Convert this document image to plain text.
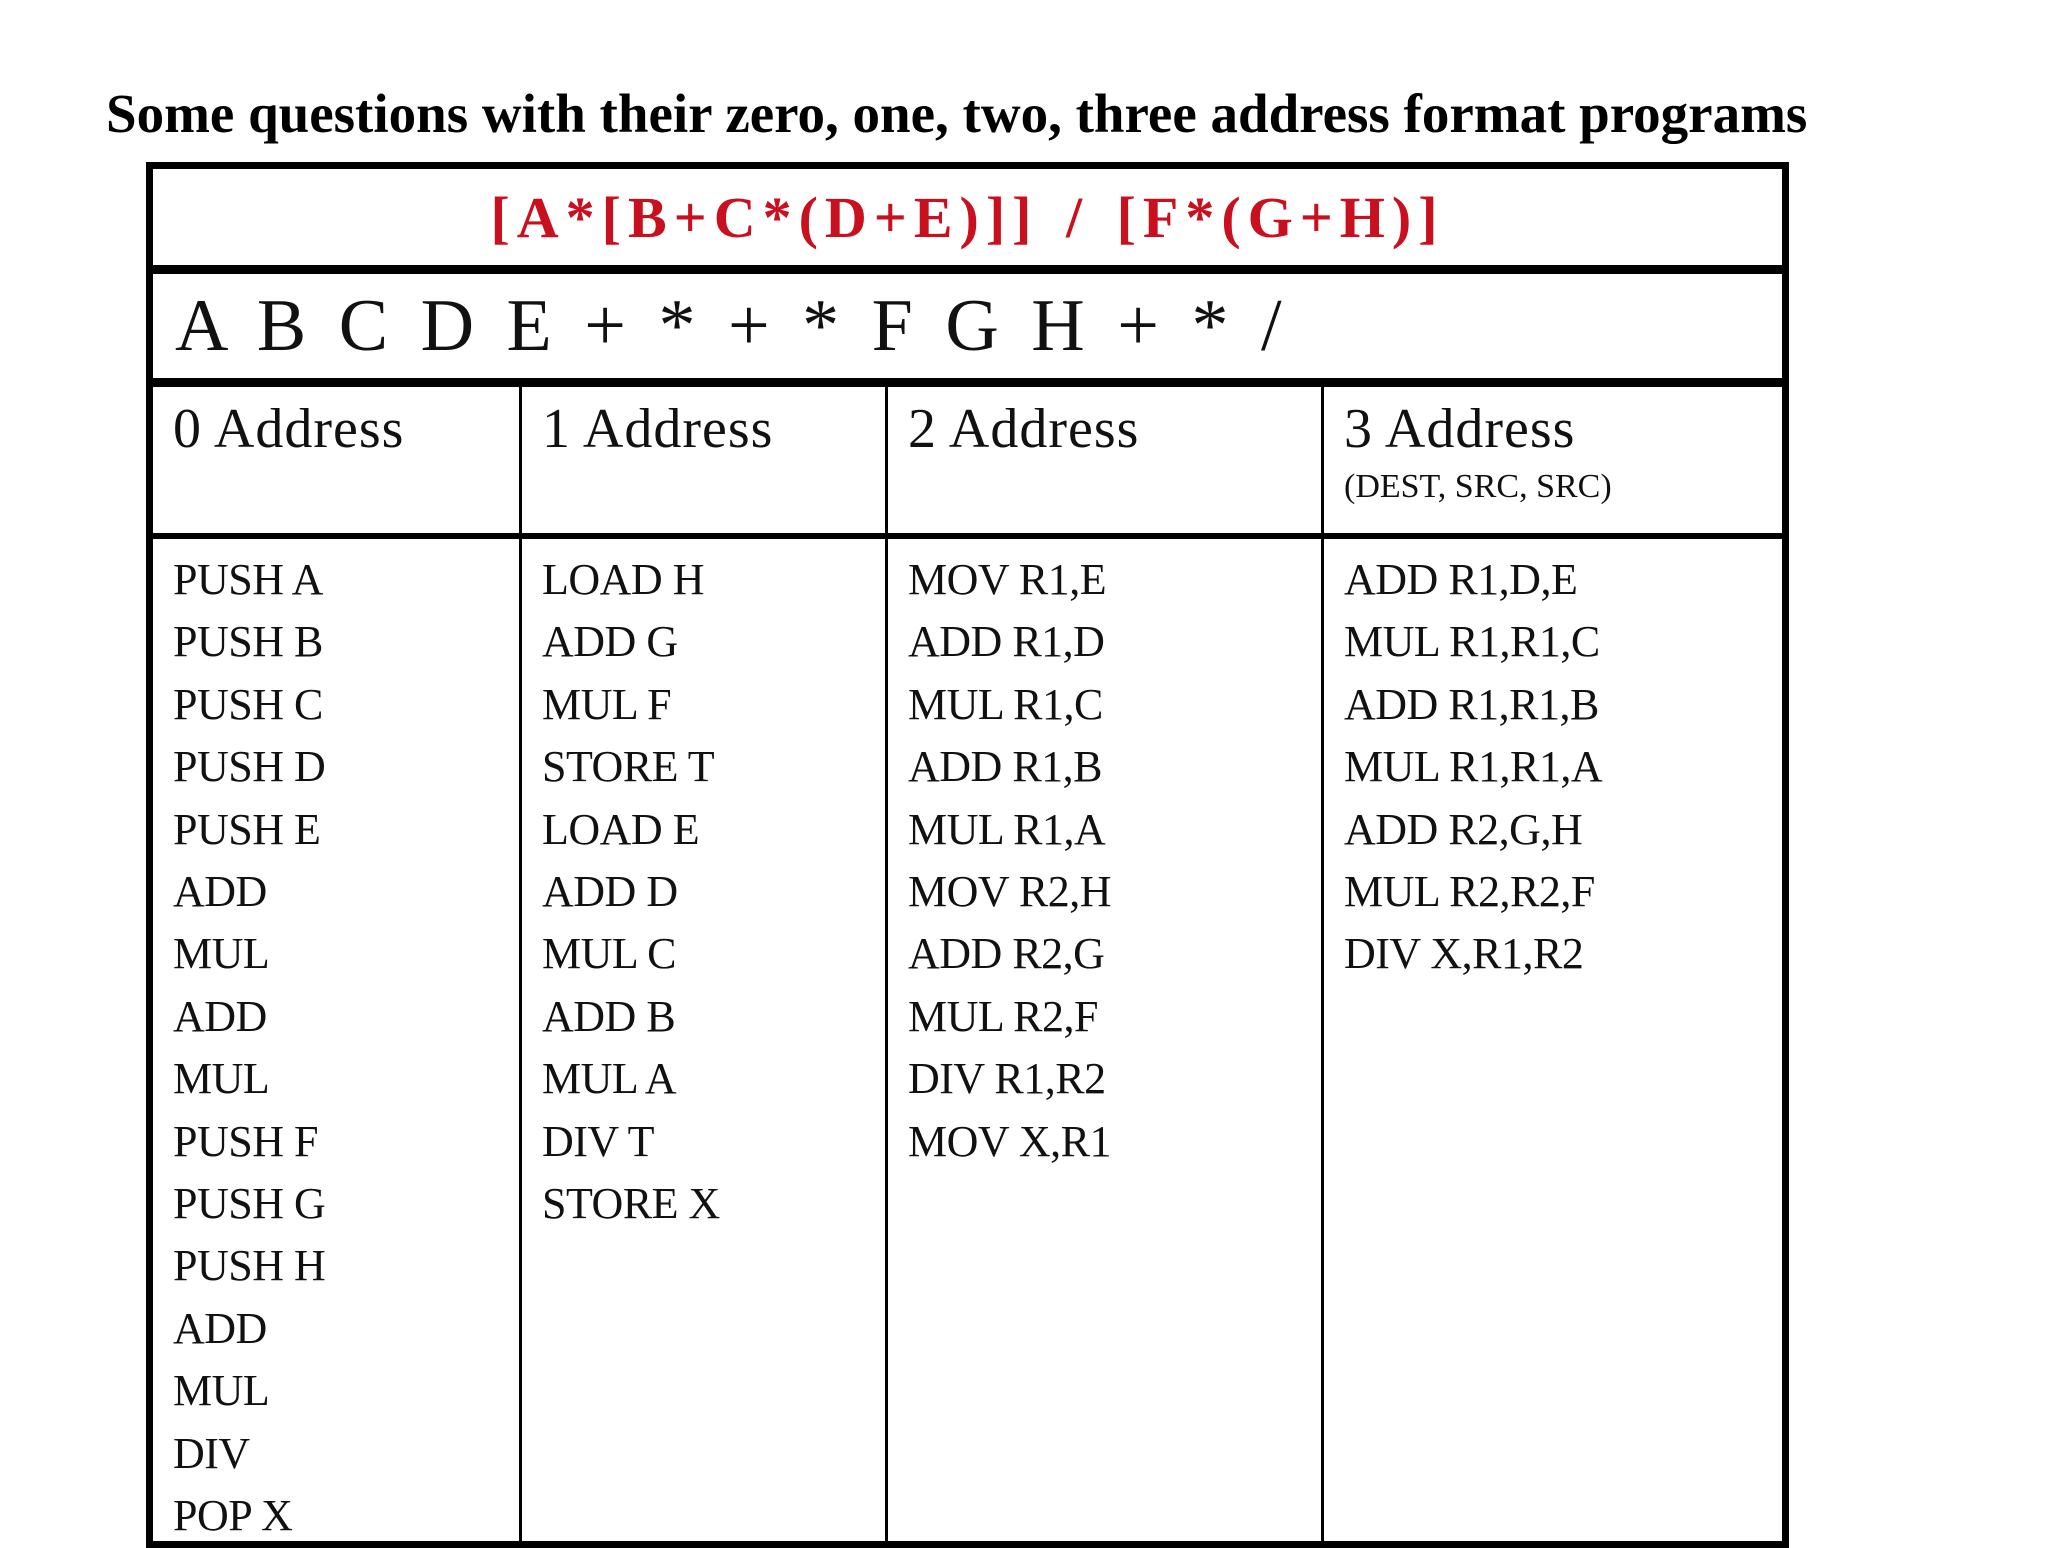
Some questions with their zero, one, two, three address format programs
[A*[B+C*(D+E)]] / [F*(G+H)]
A B C D E + * + * F G H + * /
0 Address
PUSH A
PUSH B
PUSH C
PUSH D
PUSH E
ADD
MUL
ADD
MUL
PUSH F
PUSH G
PUSH H
ADD
MUL
DIV
POP X
1 Address
LOAD H
ADD G
MUL F
STORE T
LOAD E
ADD D
MUL C
ADD B
MUL A
DIV T
STORE X
2 Address
MOV R1,E
ADD R1,D
MUL R1,C
ADD R1,B
MUL R1,A
MOV R2,H
ADD R2,G
MUL R2,F
DIV R1,R2
MOV X,R1
3 Address
(DEST, SRC, SRC)
ADD R1,D,E
MUL R1,R1,C
ADD R1,R1,B
MUL R1,R1,A
ADD R2,G,H
MUL R2,R2,F
DIV X,R1,R2
